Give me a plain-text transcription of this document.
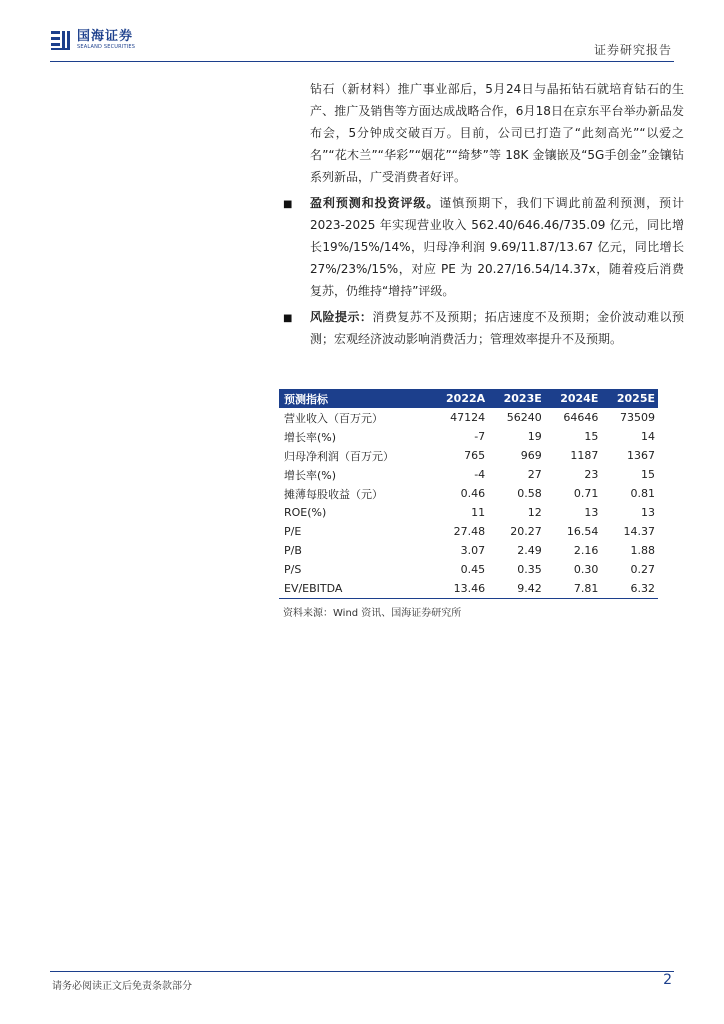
国海证券
SEALAND SECURITIES	证券研究报告
钻石（新材料）推广事业部后，5月24日与晶拓钻石就培育钻石的生产、推广及销售等方面达成战略合作，6月18日在京东平台举办新品发布会，5分钟成交破百万。目前，公司已打造了“此刻高光”“以爱之名”“花木兰”“华彩”“姻花”“绮梦”等 18K 金镶嵌及“5G手创金”金镶钻系列新品，广受消费者好评。
■ 盈利预测和投资评级。谨慎预期下，我们下调此前盈利预测，预计2023-2025 年实现营业收入 562.40/646.46/735.09 亿元，同比增长19%/15%/14%，归母净利润 9.69/11.87/13.67 亿元，同比增长27%/23%/15%，对应 PE 为 20.27/16.54/14.37x，随着疫后消费复苏，仍维持“增持”评级。
■ 风险提示：消费复苏不及预期；拓店速度不及预期；金价波动难以预测；宏观经济波动影响消费活力；管理效率提升不及预期。
预测指标	2022A	2023E	2024E	2025E
营业收入（百万元）	47124	56240	64646	73509
增长率(%)	-7	19	15	14
归母净利润（百万元）	765	969	1187	1367
增长率(%)	-4	27	23	15
摊薄每股收益（元）	0.46	0.58	0.71	0.81
ROE(%)	11	12	13	13
P/E	27.48	20.27	16.54	14.37
P/B	3.07	2.49	2.16	1.88
P/S	0.45	0.35	0.30	0.27
EV/EBITDA	13.46	9.42	7.81	6.32
资料来源：Wind 资讯、国海证券研究所
请务必阅读正文后免责条款部分	2
